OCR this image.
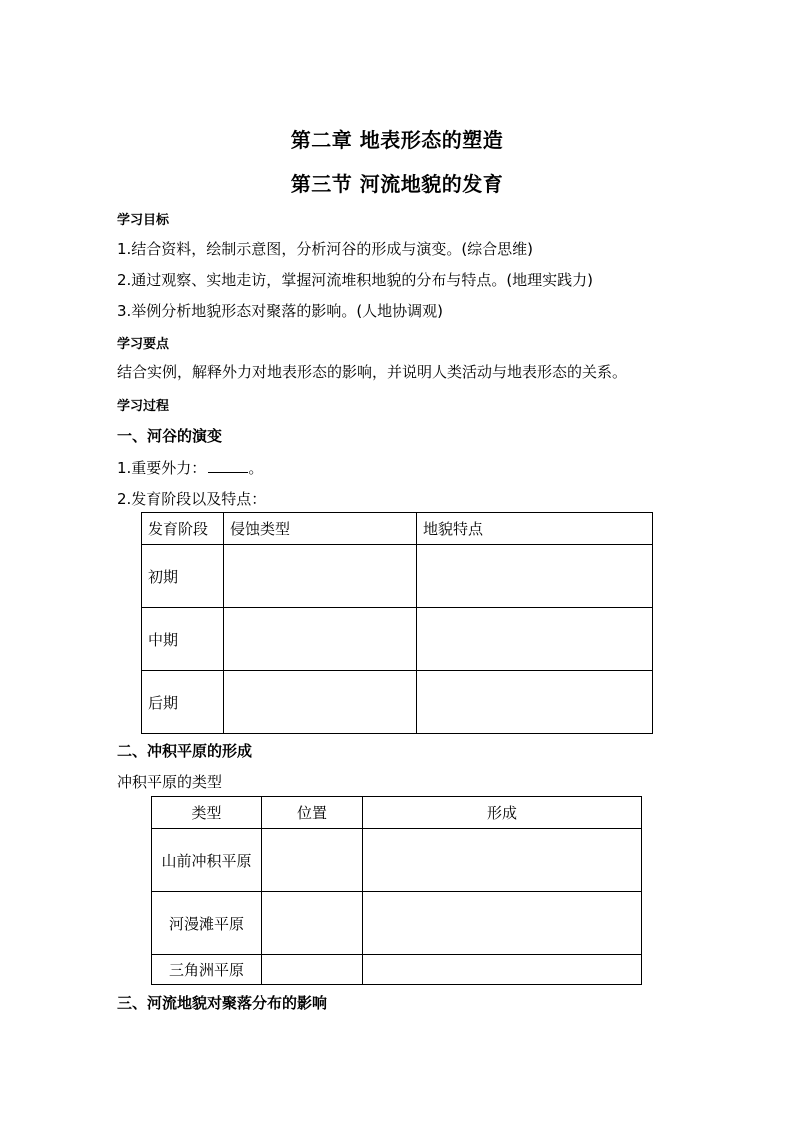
第二章 地表形态的塑造
第三节 河流地貌的发育
学习目标
1.结合资料，绘制示意图，分析河谷的形成与演变。(综合思维)
2.通过观察、实地走访，掌握河流堆积地貌的分布与特点。(地理实践力)
3.举例分析地貌形态对聚落的影响。(人地协调观)
学习要点
结合实例，解释外力对地表形态的影响，并说明人类活动与地表形态的关系。
学习过程
一、河谷的演变
1.重要外力：	。
2.发育阶段以及特点：
发育阶段	侵蚀类型	地貌特点
初期		
中期		
后期		
二、冲积平原的形成
冲积平原的类型
类型	位置	形成
山前冲积平原		
河漫滩平原		
三角洲平原		
三、河流地貌对聚落分布的影响
